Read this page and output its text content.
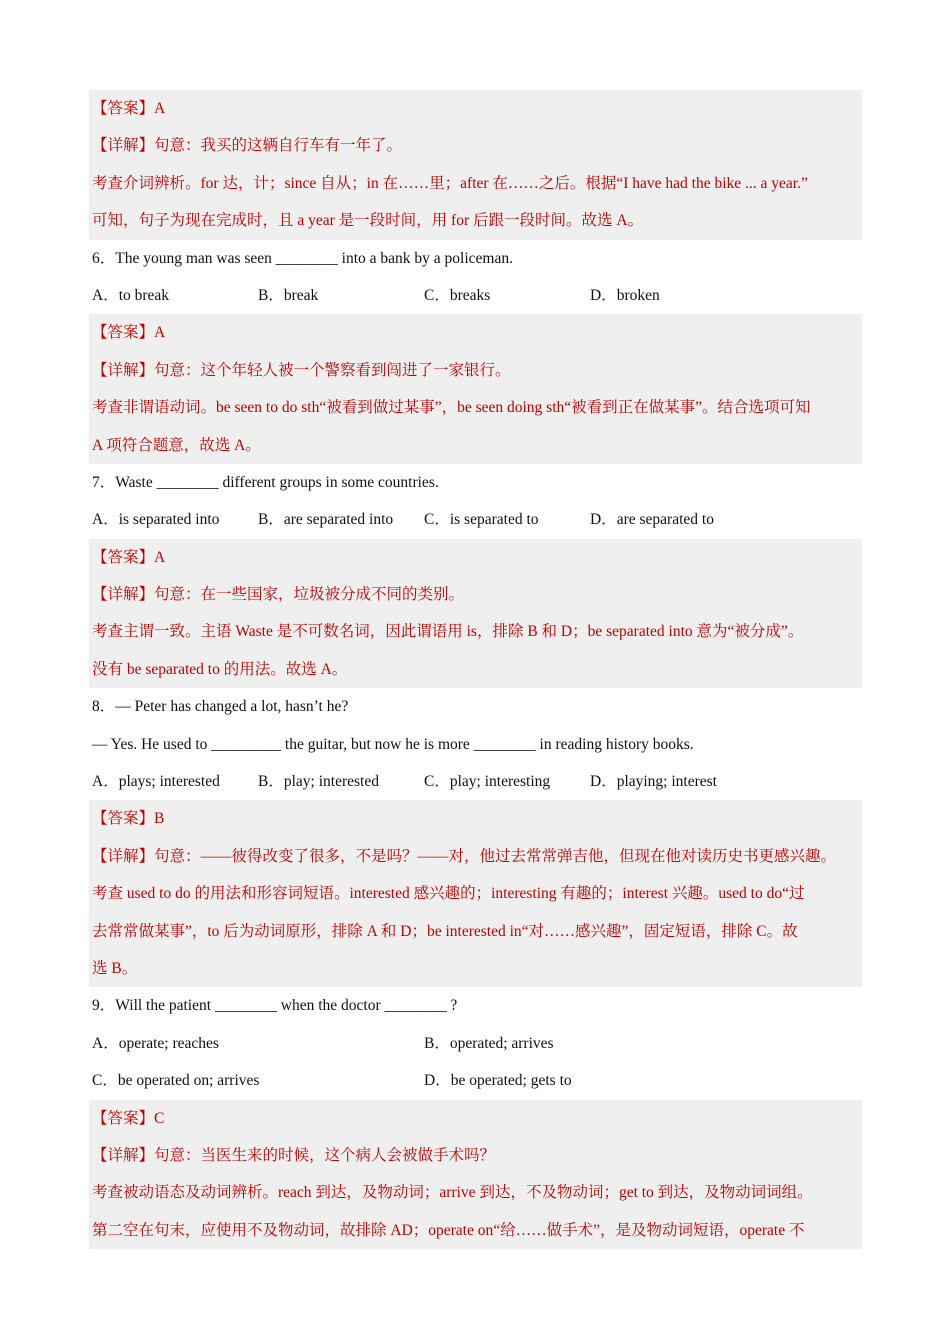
【答案】A
【详解】句意：我买的这辆自行车有一年了。
考查介词辨析。for 达，计；since 自从；in 在……里；after 在……之后。根据“I have had the bike ... a year.”
可知，句子为现在完成时，且 a year 是一段时间，用 for 后跟一段时间。故选 A。
6．The young man was seen ________ into a bank by a policeman.
A．to break	B．break	C．breaks	D．broken
【答案】A
【详解】句意：这个年轻人被一个警察看到闯进了一家银行。
考查非谓语动词。be seen to do sth“被看到做过某事”，be seen doing sth“被看到正在做某事”。结合选项可知
A 项符合题意，故选 A。
7．Waste ________ different groups in some countries.
A．is separated into B．are separated into C．is separated to	D．are separated to
【答案】A
【详解】句意：在一些国家，垃圾被分成不同的类别。
考查主谓一致。主语 Waste 是不可数名词，因此谓语用 is，排除 B 和 D；be separated into 意为“被分成”。
没有 be separated to 的用法。故选 A。
8．— Peter has changed a lot, hasn’t he?
— Yes. He used to _________ the guitar, but now he is more ________ in reading history books.
A．plays; interested B．play; interested	C．play; interesting	D．playing; interest
【答案】B
【详解】句意：——彼得改变了很多，不是吗？——对，他过去常常弹吉他，但现在他对读历史书更感兴趣。
考查 used to do 的用法和形容词短语。interested 感兴趣的；interesting 有趣的；interest 兴趣。used to do“过
去常常做某事”，to 后为动词原形，排除 A 和 D；be interested in“对……感兴趣”，固定短语，排除 C。故
选 B。
9．Will the patient ________ when the doctor ________ ?
A．operate; reaches	B．operated; arrives
C．be operated on; arrives	D．be operated; gets to
【答案】C
【详解】句意：当医生来的时候，这个病人会被做手术吗？
考查被动语态及动词辨析。reach 到达，及物动词；arrive 到达，不及物动词；get to 到达，及物动词词组。
第二空在句末，应使用不及物动词，故排除 AD；operate on“给……做手术”，是及物动词短语，operate 不
